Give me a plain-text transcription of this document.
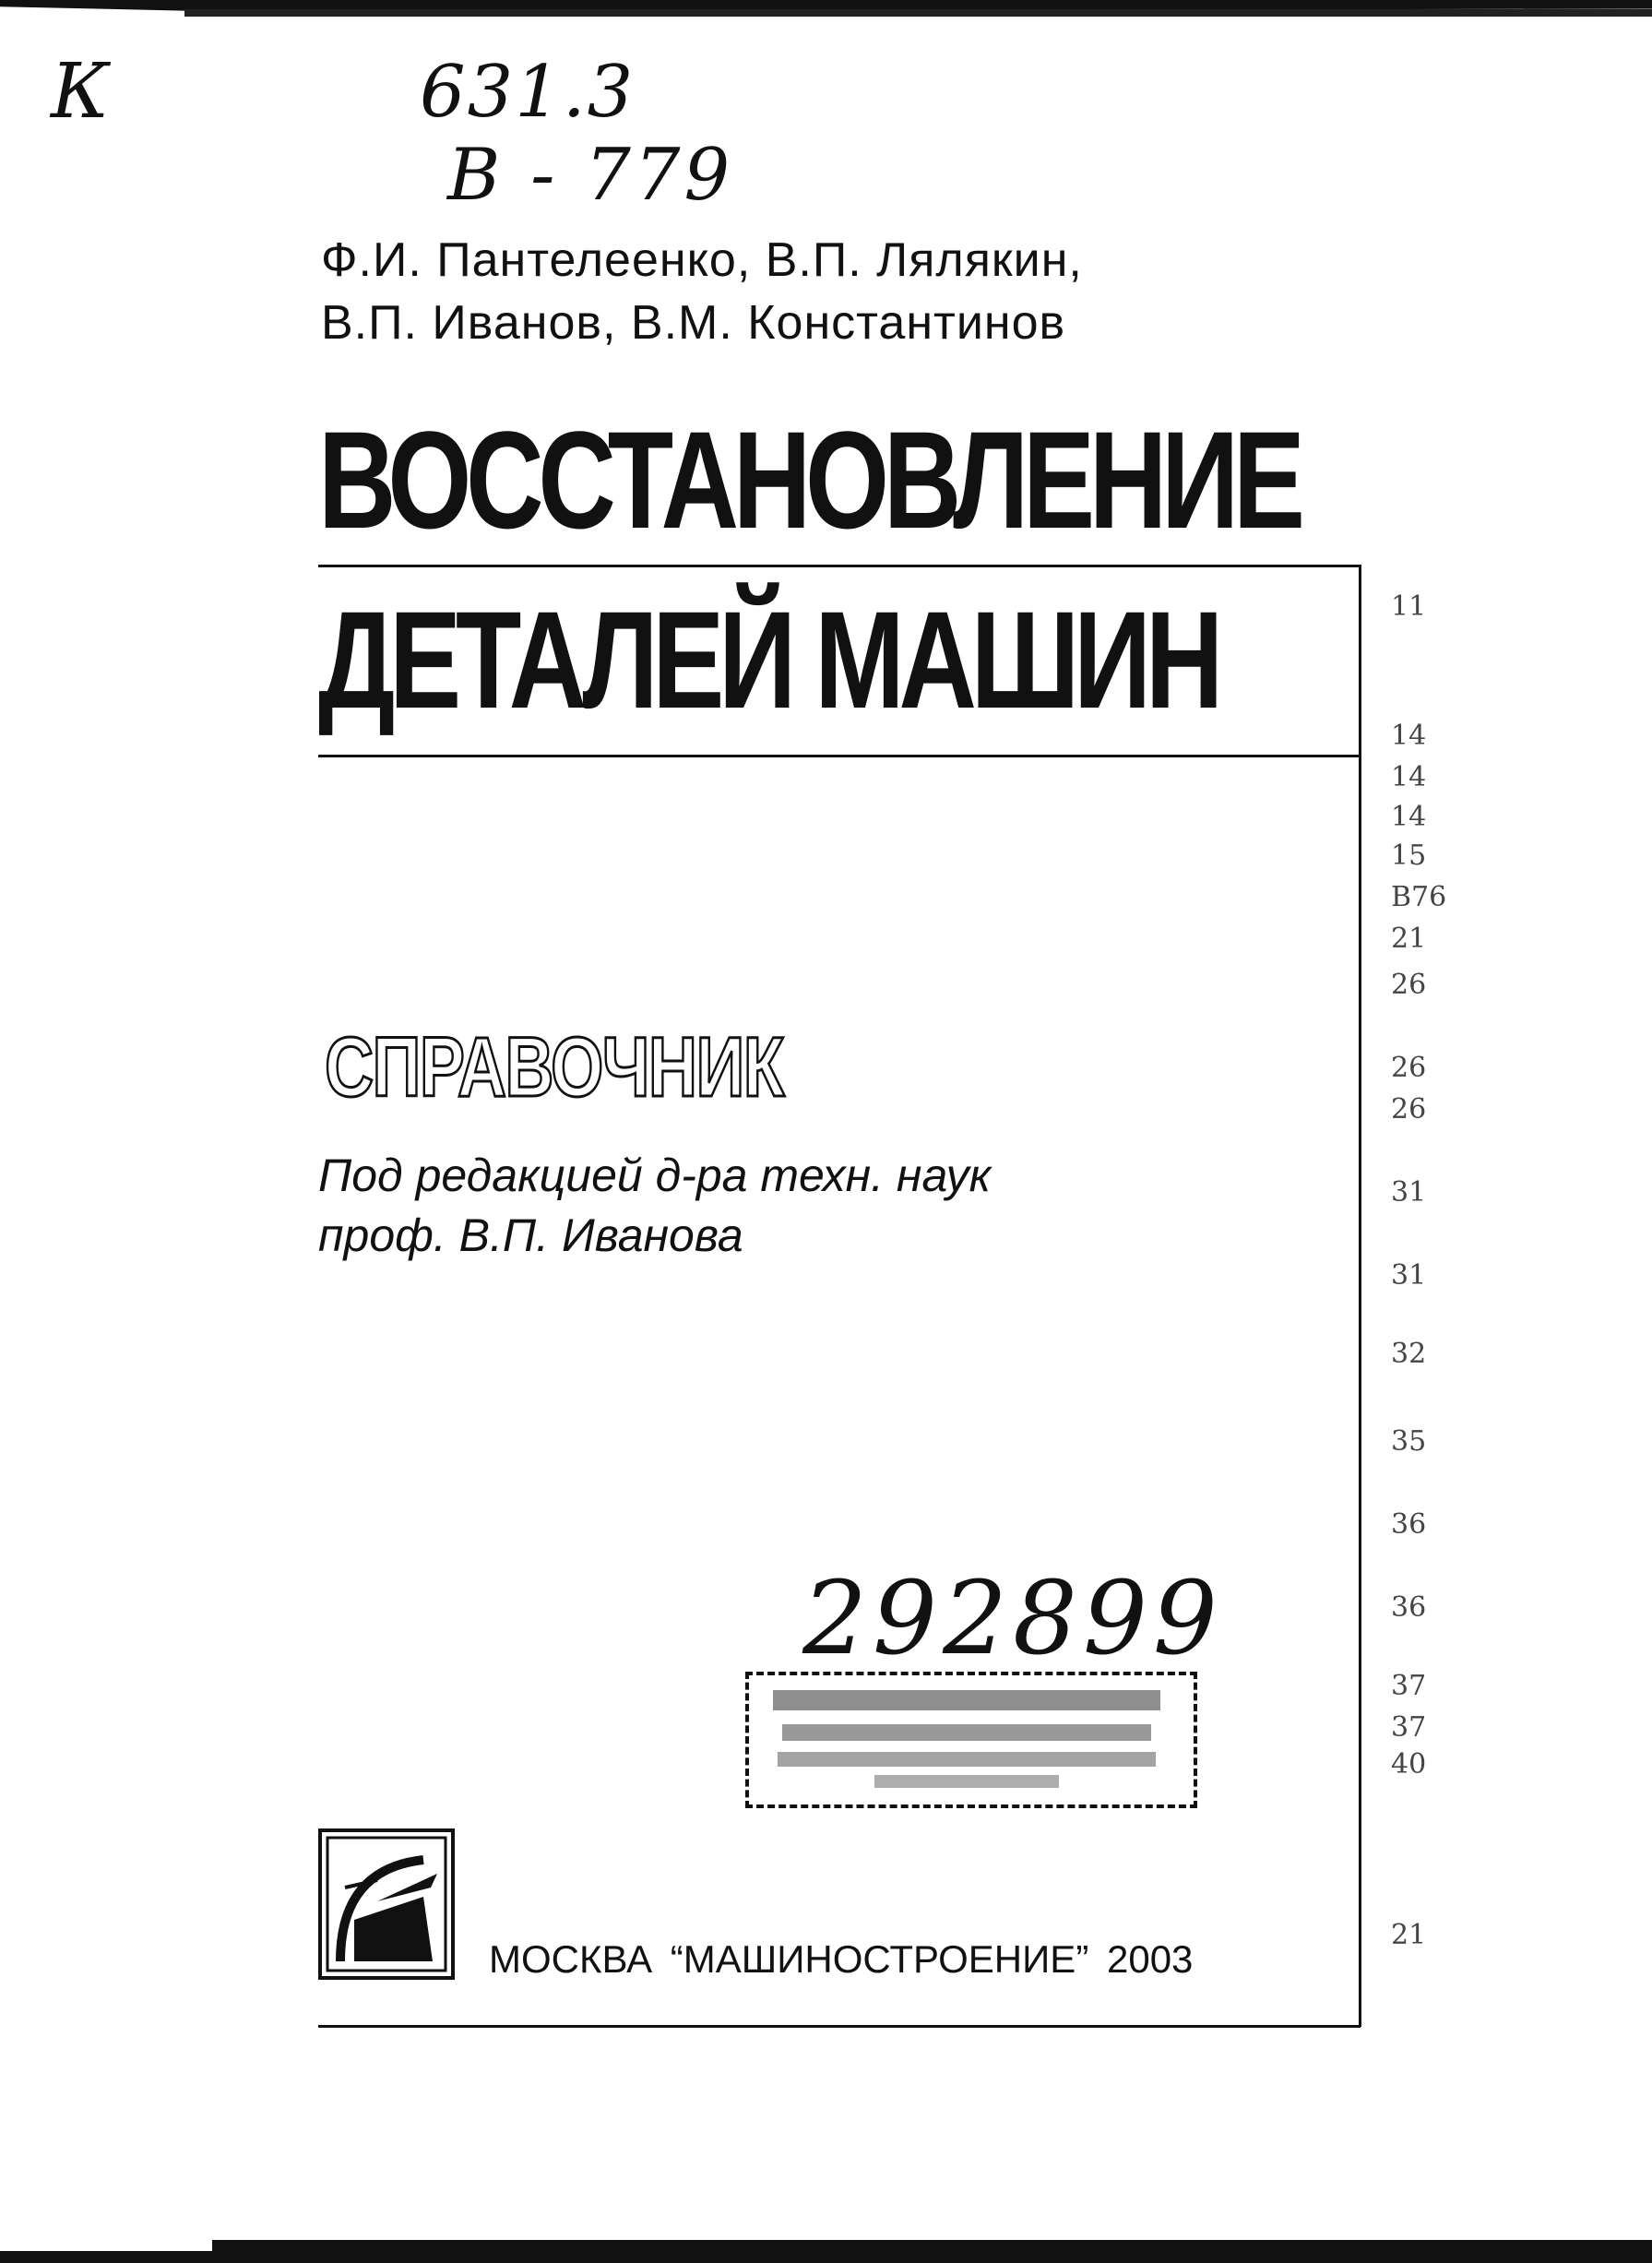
К	631.3
В - 779
Ф.И. Пантелеенко, В.П. Лялякин,
В.П. Иванов, В.М. Константинов
ВОССТАНОВЛЕНИЕ
ДЕТАЛЕЙ МАШИН
СПРАВОЧНИК
Под редакцией д-ра техн. наук
проф. В.П. Иванова
292899
МОСКВА “МАШИНОСТРОЕНИЕ” 2003
11
14
14
14
15
B76
21
26
26
26
31
31
32
35
36
36
37
37
40
21
